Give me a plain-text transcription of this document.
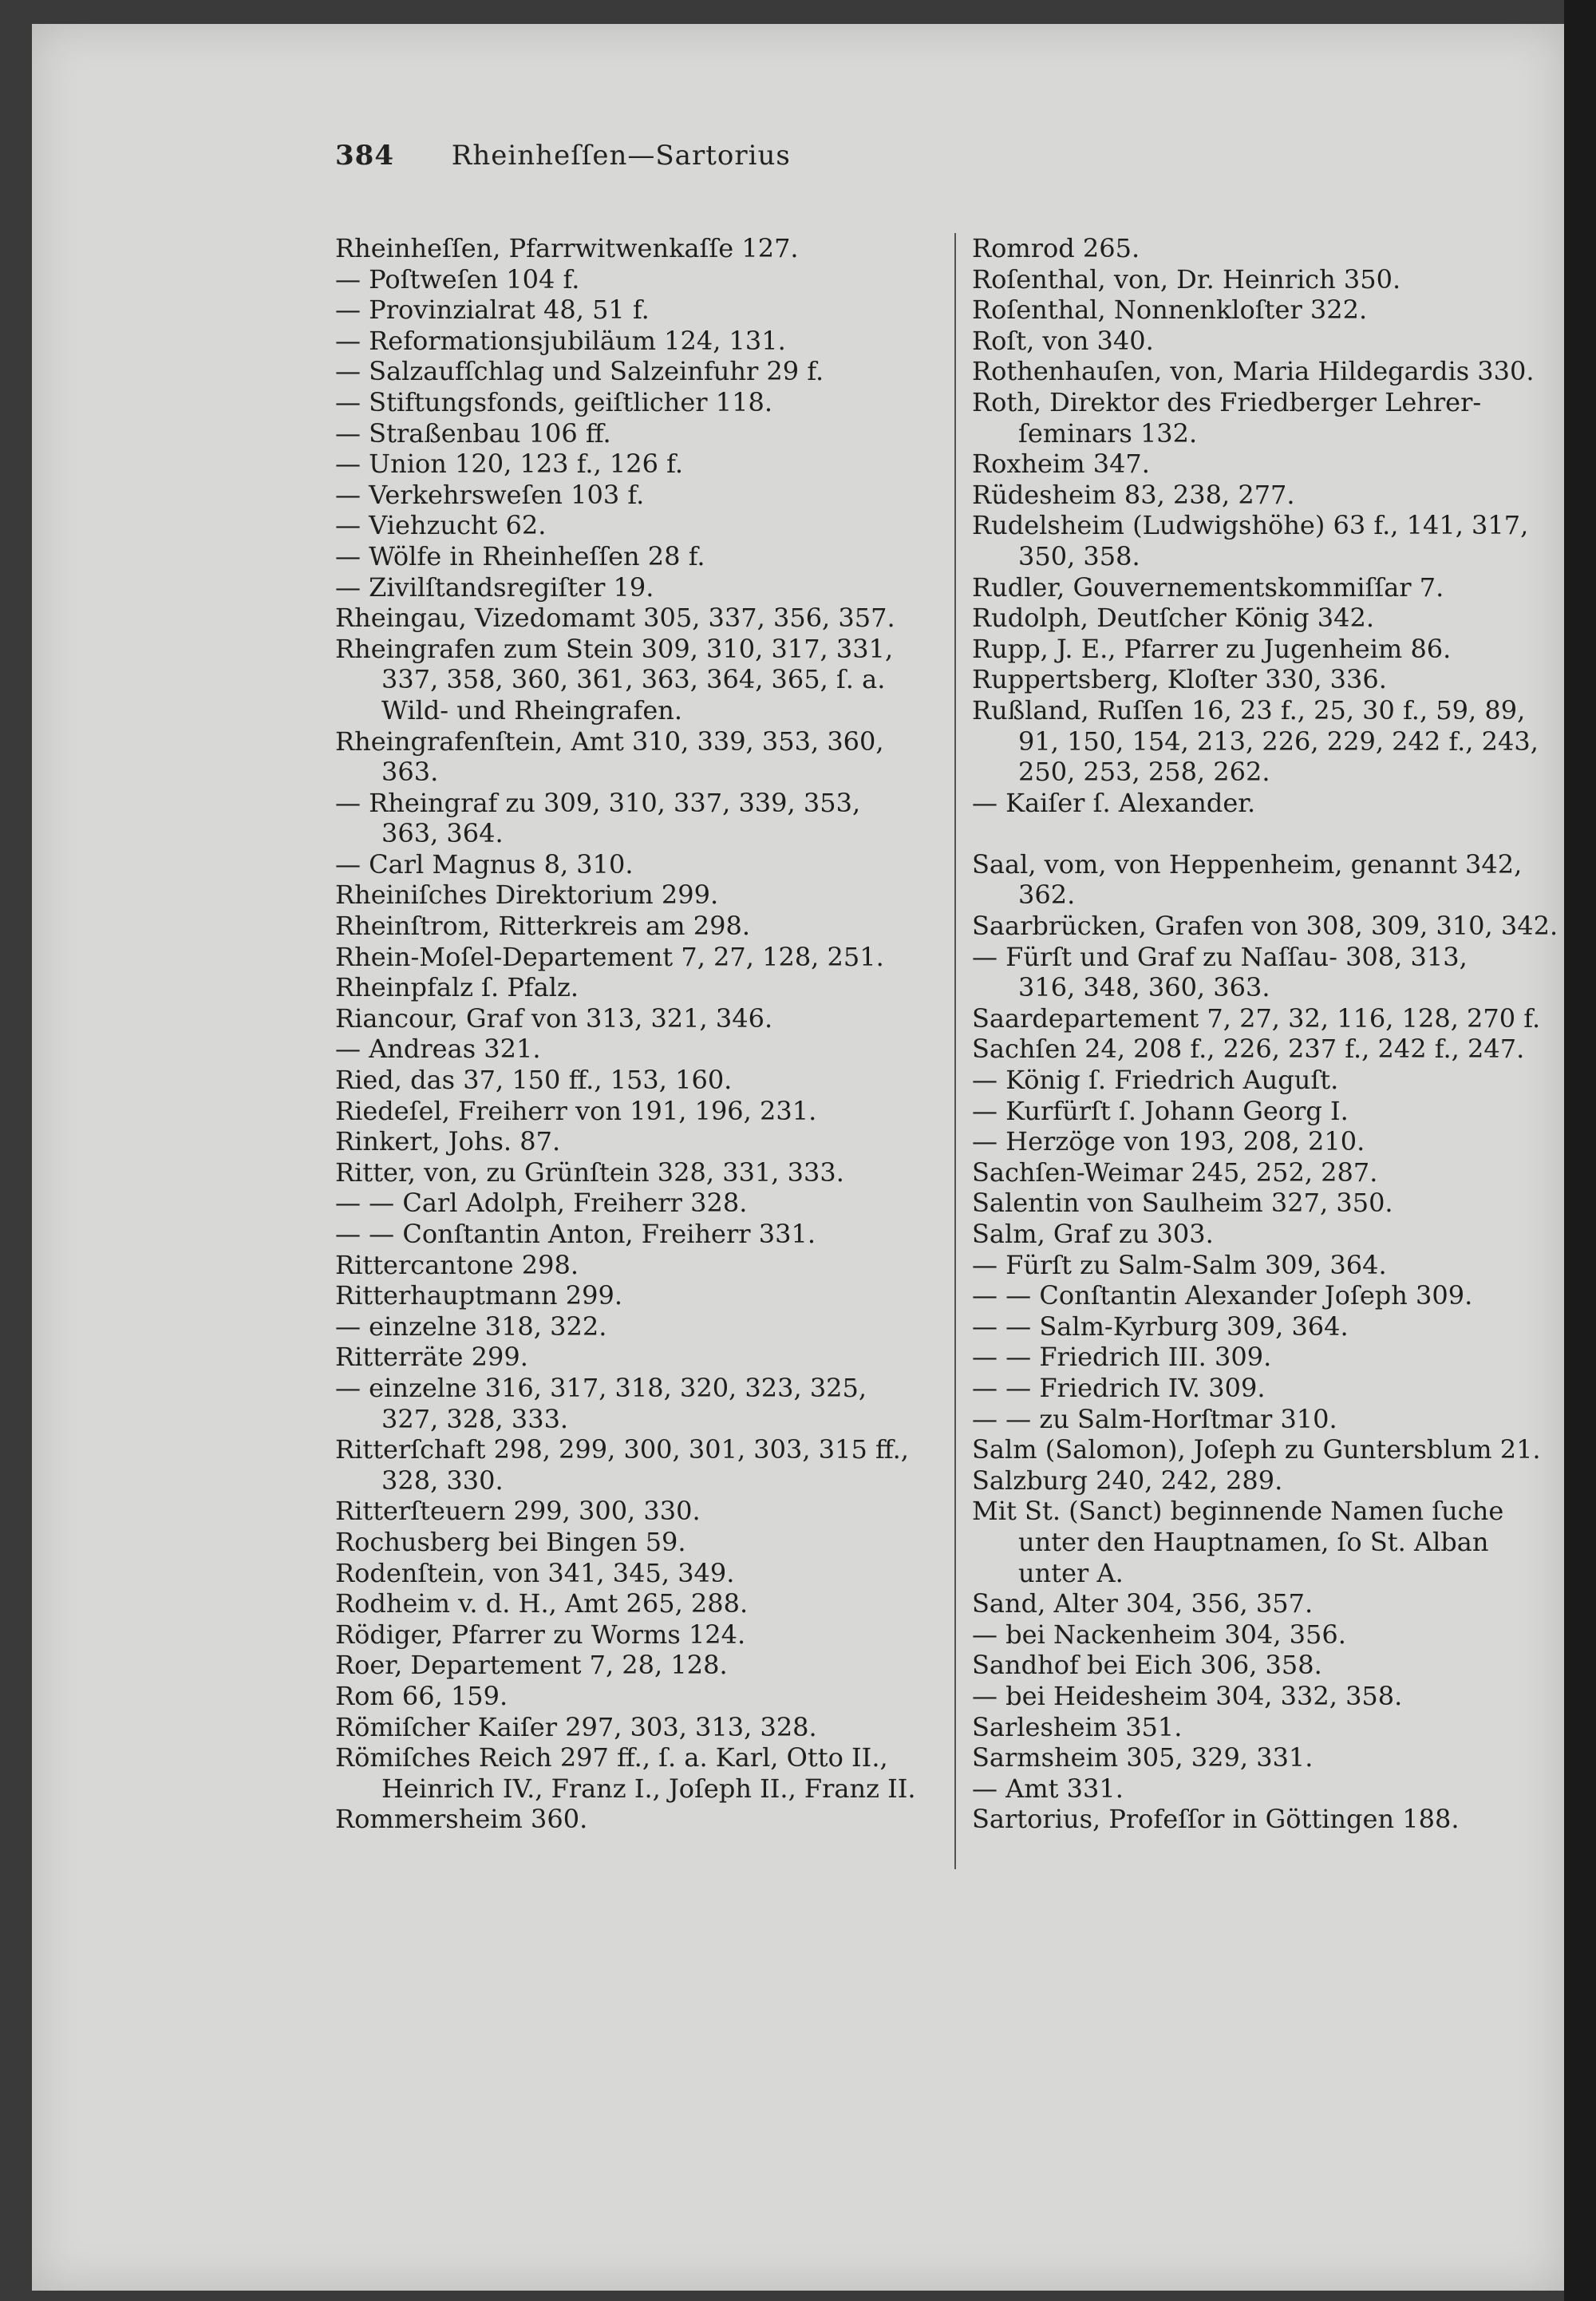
384 Rheinheſſen—Sartorius
Rheinheſſen, Pfarrwitwenkaſſe 127.
— Poſtweſen 104 f.
— Provinzialrat 48, 51 f.
— Reformationsjubiläum 124, 131.
— Salzaufſchlag und Salzeinfuhr 29 f.
— Stiftungsfonds, geiſtlicher 118.
— Straßenbau 106 ff.
— Union 120, 123 f., 126 f.
— Verkehrsweſen 103 f.
— Viehzucht 62.
— Wölfe in Rheinheſſen 28 f.
— Zivilſtandsregiſter 19.
Rheingau, Vizedomamt 305, 337, 356, 357.
Rheingrafen zum Stein 309, 310, 317, 331,
337, 358, 360, 361, 363, 364, 365, ſ. a.
Wild- und Rheingrafen.
Rheingrafenſtein, Amt 310, 339, 353, 360,
363.
— Rheingraf zu 309, 310, 337, 339, 353,
363, 364.
— Carl Magnus 8, 310.
Rheiniſches Direktorium 299.
Rheinſtrom, Ritterkreis am 298.
Rhein-Moſel-Departement 7, 27, 128, 251.
Rheinpfalz ſ. Pfalz.
Riancour, Graf von 313, 321, 346.
— Andreas 321.
Ried, das 37, 150 ff., 153, 160.
Riedeſel, Freiherr von 191, 196, 231.
Rinkert, Johs. 87.
Ritter, von, zu Grünſtein 328, 331, 333.
— — Carl Adolph, Freiherr 328.
— — Conſtantin Anton, Freiherr 331.
Rittercantone 298.
Ritterhauptmann 299.
— einzelne 318, 322.
Ritterräte 299.
— einzelne 316, 317, 318, 320, 323, 325,
327, 328, 333.
Ritterſchaft 298, 299, 300, 301, 303, 315 ff.,
328, 330.
Ritterſteuern 299, 300, 330.
Rochusberg bei Bingen 59.
Rodenſtein, von 341, 345, 349.
Rodheim v. d. H., Amt 265, 288.
Rödiger, Pfarrer zu Worms 124.
Roer, Departement 7, 28, 128.
Rom 66, 159.
Römiſcher Kaiſer 297, 303, 313, 328.
Römiſches Reich 297 ff., ſ. a. Karl, Otto II.,
Heinrich IV., Franz I., Joſeph II., Franz II.
Rommersheim 360.
Romrod 265.
Roſenthal, von, Dr. Heinrich 350.
Roſenthal, Nonnenkloſter 322.
Roſt, von 340.
Rothenhauſen, von, Maria Hildegardis 330.
Roth, Direktor des Friedberger Lehrer-
ſeminars 132.
Roxheim 347.
Rüdesheim 83, 238, 277.
Rudelsheim (Ludwigshöhe) 63 f., 141, 317,
350, 358.
Rudler, Gouvernementskommiſſar 7.
Rudolph, Deutſcher König 342.
Rupp, J. E., Pfarrer zu Jugenheim 86.
Ruppertsberg, Kloſter 330, 336.
Rußland, Ruſſen 16, 23 f., 25, 30 f., 59, 89,
91, 150, 154, 213, 226, 229, 242 f., 243,
250, 253, 258, 262.
— Kaiſer ſ. Alexander.
Saal, vom, von Heppenheim, genannt 342,
362.
Saarbrücken, Grafen von 308, 309, 310, 342.
— Fürſt und Graf zu Naſſau- 308, 313,
316, 348, 360, 363.
Saardepartement 7, 27, 32, 116, 128, 270 f.
Sachſen 24, 208 f., 226, 237 f., 242 f., 247.
— König ſ. Friedrich Auguſt.
— Kurfürſt ſ. Johann Georg I.
— Herzöge von 193, 208, 210.
Sachſen-Weimar 245, 252, 287.
Salentin von Saulheim 327, 350.
Salm, Graf zu 303.
— Fürſt zu Salm-Salm 309, 364.
— — Conſtantin Alexander Joſeph 309.
— — Salm-Kyrburg 309, 364.
— — Friedrich III. 309.
— — Friedrich IV. 309.
— — zu Salm-Horſtmar 310.
Salm (Salomon), Joſeph zu Guntersblum 21.
Salzburg 240, 242, 289.
Mit St. (Sanct) beginnende Namen ſuche
unter den Hauptnamen, ſo St. Alban
unter A.
Sand, Alter 304, 356, 357.
— bei Nackenheim 304, 356.
Sandhof bei Eich 306, 358.
— bei Heidesheim 304, 332, 358.
Sarlesheim 351.
Sarmsheim 305, 329, 331.
— Amt 331.
Sartorius, Profeſſor in Göttingen 188.
